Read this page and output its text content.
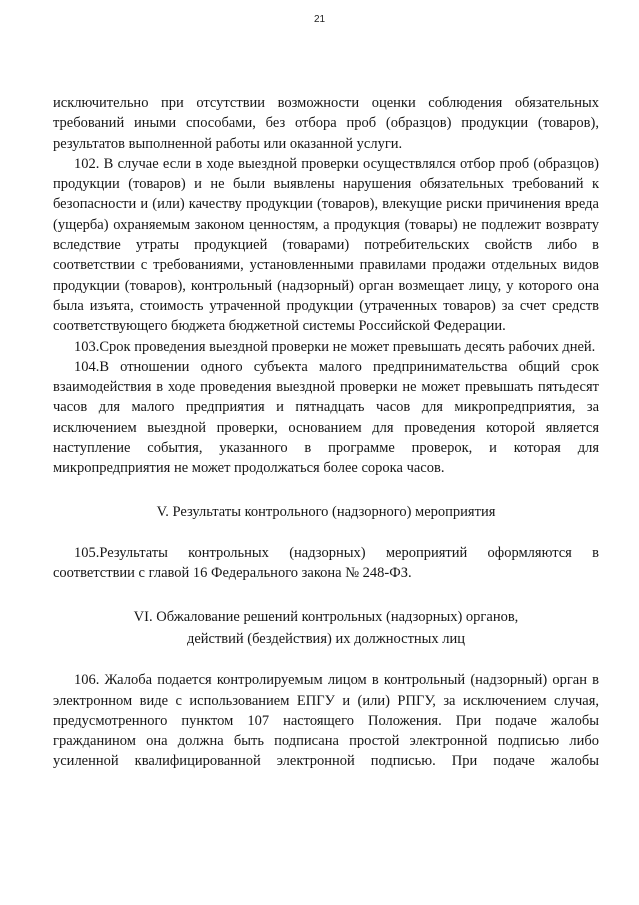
21

исключительно при отсутствии возможности оценки соблюдения обязательных требований иными способами, без отбора проб (образцов) продукции (товаров), результатов выполненной работы или оказанной услуги.

102. В случае если в ходе выездной проверки осуществлялся отбор проб (образцов) продукции (товаров) и не были выявлены нарушения обязательных требований к безопасности и (или) качеству продукции (товаров), влекущие риски причинения вреда (ущерба) охраняемым законом ценностям, а продукция (товары) не подлежит возврату вследствие утраты продукцией (товарами) потребительских свойств либо в соответствии с требованиями, установленными правилами продажи отдельных видов продукции (товаров), контрольный (надзорный) орган возмещает лицу, у которого она была изъята, стоимость утраченной продукции (утраченных товаров) за счет средств соответствующего бюджета бюджетной системы Российской Федерации.

103.Срок проведения выездной проверки не может превышать десять рабочих дней.

104.В отношении одного субъекта малого предпринимательства общий срок взаимодействия в ходе проведения выездной проверки не может превышать пятьдесят часов для малого предприятия и пятнадцать часов для микропредприятия, за исключением выездной проверки, основанием для проведения которой является наступление события, указанного в программе проверок, и которая для микропредприятия не может продолжаться более сорока часов.

V. Результаты контрольного (надзорного) мероприятия

105.Результаты контрольных (надзорных) мероприятий оформляются в соответствии с главой 16 Федерального закона № 248-ФЗ.

VI. Обжалование решений контрольных (надзорных) органов,
действий (бездействия) их должностных лиц

106. Жалоба подается контролируемым лицом в контрольный (надзорный) орган в электронном виде с использованием ЕПГУ и (или) РПГУ, за исключением случая, предусмотренного пунктом 107 настоящего Положения. При подаче жалобы гражданином она должна быть подписана простой электронной подписью либо усиленной квалифицированной электронной подписью. При подаче жалобы
